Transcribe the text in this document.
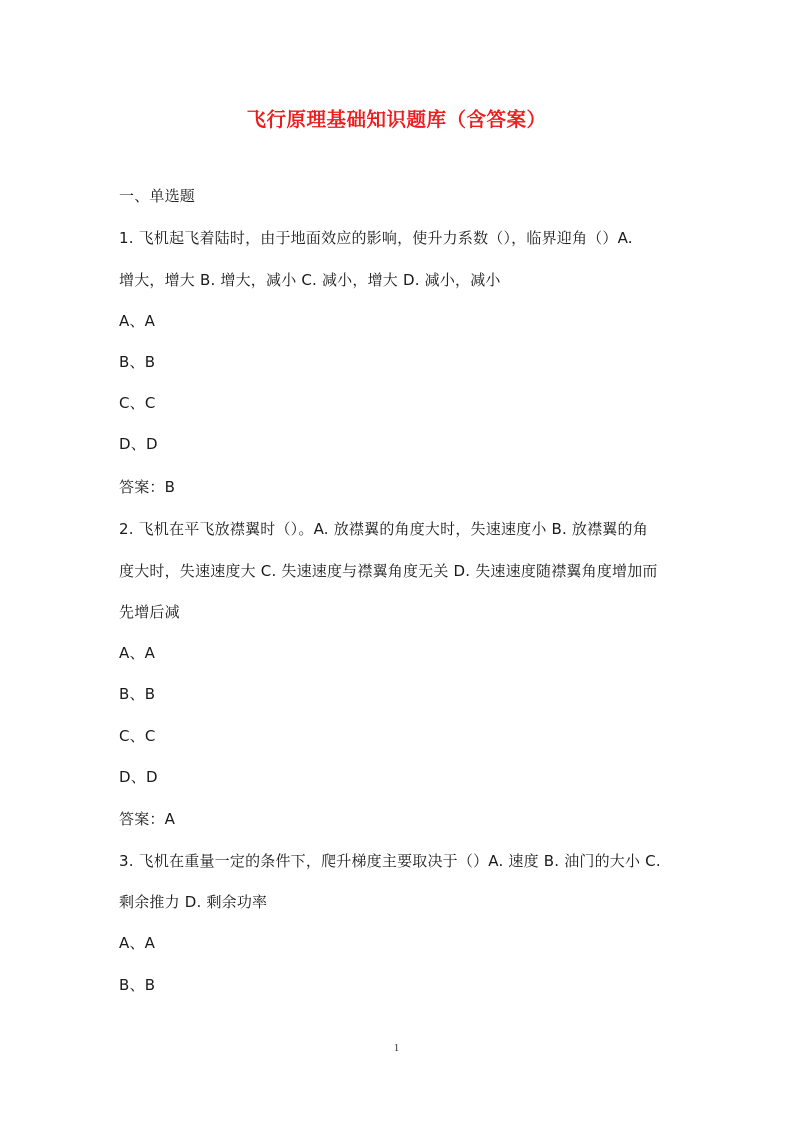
飞行原理基础知识题库（含答案）
一、单选题
1. 飞机起飞着陆时，由于地面效应的影响，使升力系数（），临界迎角（）A.
增大，增大 B. 增大，减小 C. 减小，增大 D. 减小，减小
A、A
B、B
C、C
D、D
答案：B
2. 飞机在平飞放襟翼时（）。A. 放襟翼的角度大时，失速速度小 B. 放襟翼的角
度大时，失速速度大 C. 失速速度与襟翼角度无关 D. 失速速度随襟翼角度增加而
先增后减
A、A
B、B
C、C
D、D
答案：A
3. 飞机在重量一定的条件下，爬升梯度主要取决于（）A. 速度 B. 油门的大小 C.
剩余推力 D. 剩余功率
A、A
B、B
1
